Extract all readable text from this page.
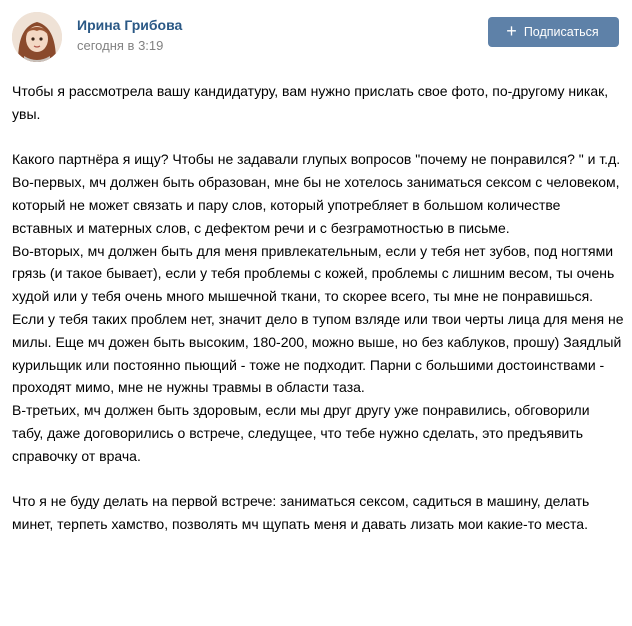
Ирина Грибова
сегодня в 3:19
+ Подписаться

Чтобы я рассмотрела вашу кандидатуру, вам нужно прислать свое фото, по-другому никак, увы.

Какого партнёра я ищу? Чтобы не задавали глупых вопросов "почему не понравился? " и т.д.

Во-первых, мч должен быть образован, мне бы не хотелось заниматься сексом с человеком, который не может связать и пару слов, который употребляет в большом количестве вставных и матерных слов, с дефектом речи и с безграмотностью в письме.

Во-вторых, мч должен быть для меня привлекательным, если у тебя нет зубов, под ногтями грязь (и такое бывает), если у тебя проблемы с кожей, проблемы с лишним весом, ты очень худой или у тебя очень много мышечной ткани, то скорее всего, ты мне не понравишься. Если у тебя таких проблем нет, значит дело в тупом взляде или твои черты лица для меня не милы. Еще мч дожен быть высоким, 180-200, можно выше, но без каблуков, прошу) Заядлый курильщик или постоянно пьющий - тоже не подходит. Парни с большими достоинствами - проходят мимо, мне не нужны травмы в области таза.

В-третьих, мч должен быть здоровым, если мы друг другу уже понравились, обговорили табу, даже договорились о встрече, следущее, что тебе нужно сделать, это предъявить справочку от врача.

Что я не буду делать на первой встрече: заниматься сексом, садиться в машину, делать минет, терпеть хамство, позволять мч щупать меня и давать лизать мои какие-то места.
